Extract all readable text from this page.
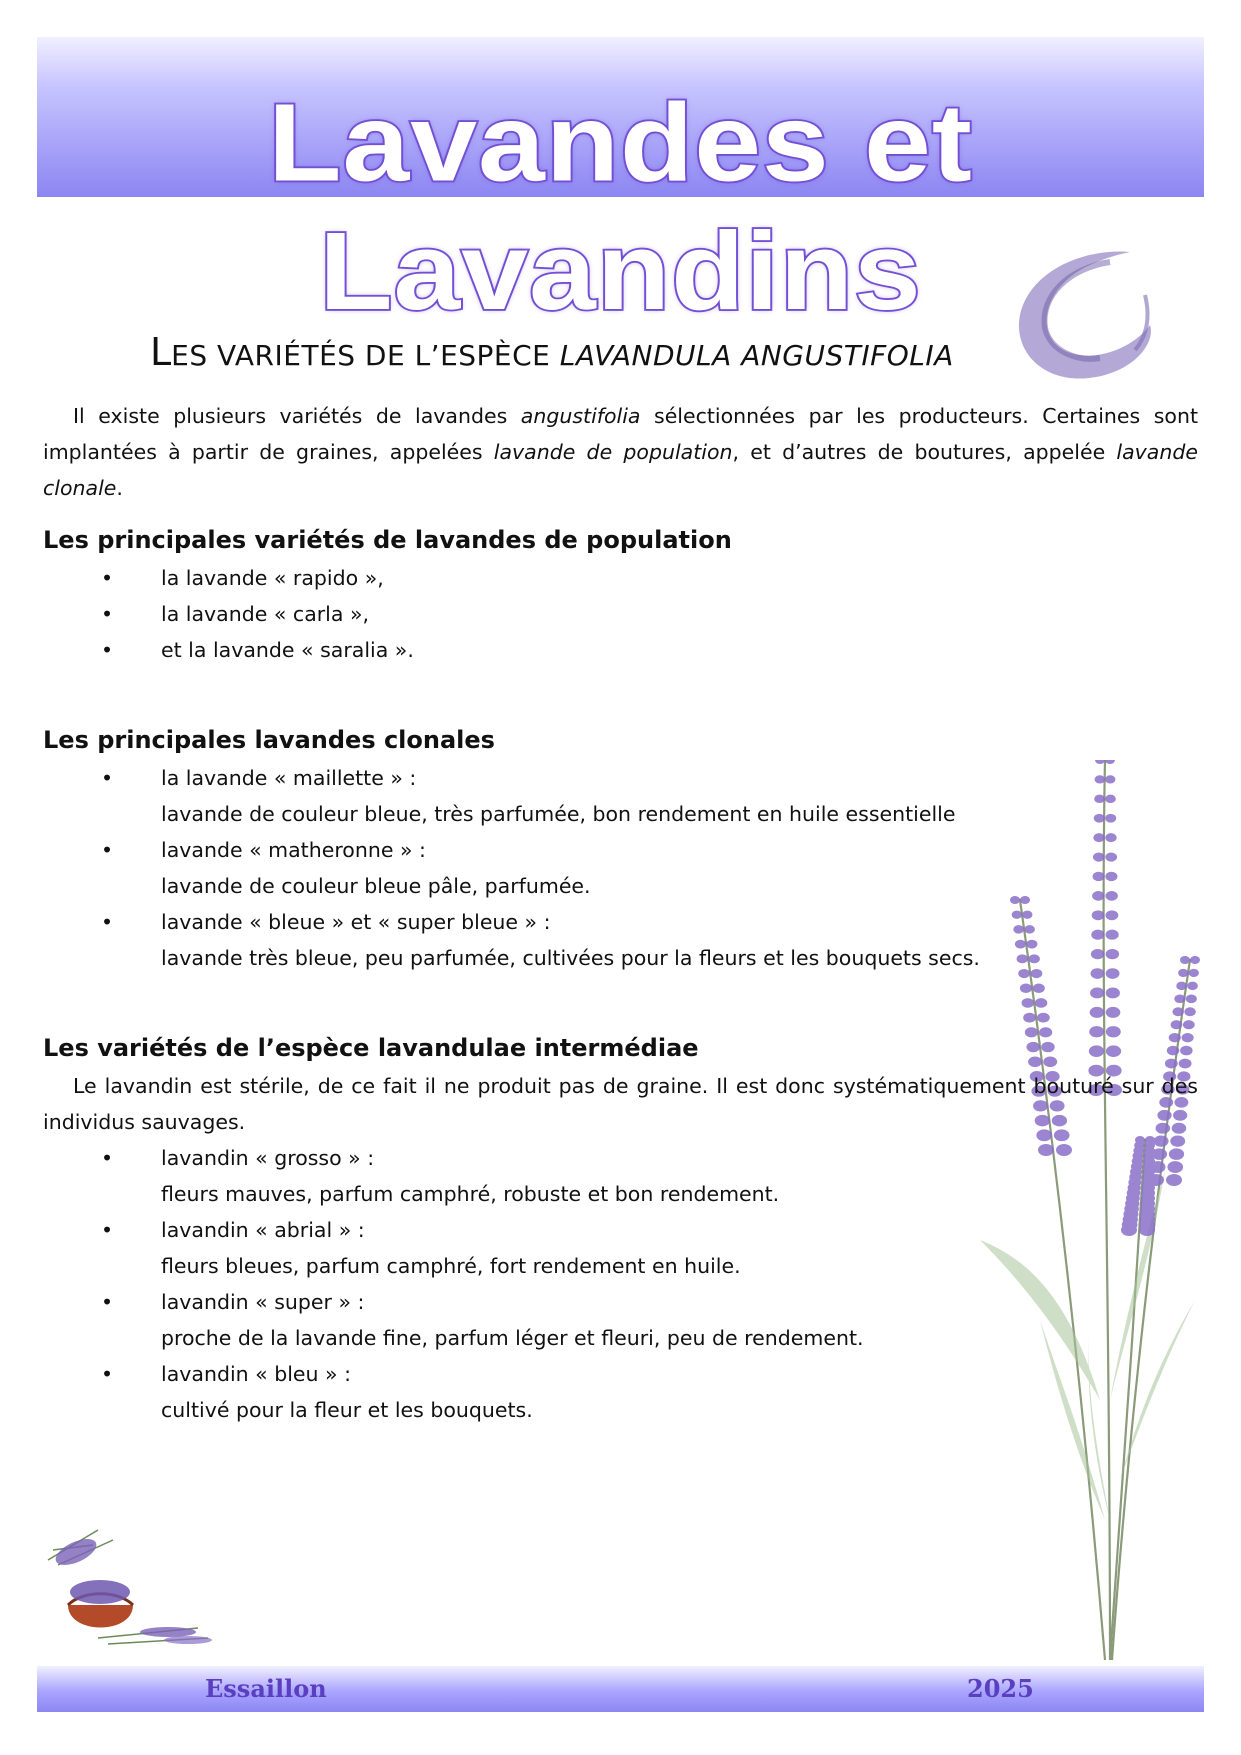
Lavandes et Lavandins
LES VARIÉTÉS DE L’ESPÈCE LAVANDULA ANGUSTIFOLIA

Il existe plusieurs variétés de lavandes angustifolia sélectionnées par les producteurs. Certaines sont implantées à partir de graines, appelées lavande de population, et d’autres de boutures, appelée lavande clonale.

Les principales variétés de lavandes de population
• la lavande « rapido »,
• la lavande « carla »,
• et la lavande « saralia ».
Les principales lavandes clonales
• la lavande « maillette » :
lavande de couleur bleue, très parfumée, bon rendement en huile essentielle
• lavande « matheronne » :
lavande de couleur bleue pâle, parfumée.
• lavande « bleue » et « super bleue » :
lavande très bleue, peu parfumée, cultivées pour la fleurs et les bouquets secs.
Les variétés de l’espèce lavandulae intermédiae

Le lavandin est stérile, de ce fait il ne produit pas de graine. Il est donc systématiquement bouturé sur des individus sauvages.

• lavandin « grosso » :
fleurs mauves, parfum camphré, robuste et bon rendement.
• lavandin « abrial » :
fleurs bleues, parfum camphré, fort rendement en huile.
• lavandin « super » :
proche de la lavande fine, parfum léger et fleuri, peu de rendement.
• lavandin « bleu » :
cultivé pour la fleur et les bouquets.
Essaillon	2025
